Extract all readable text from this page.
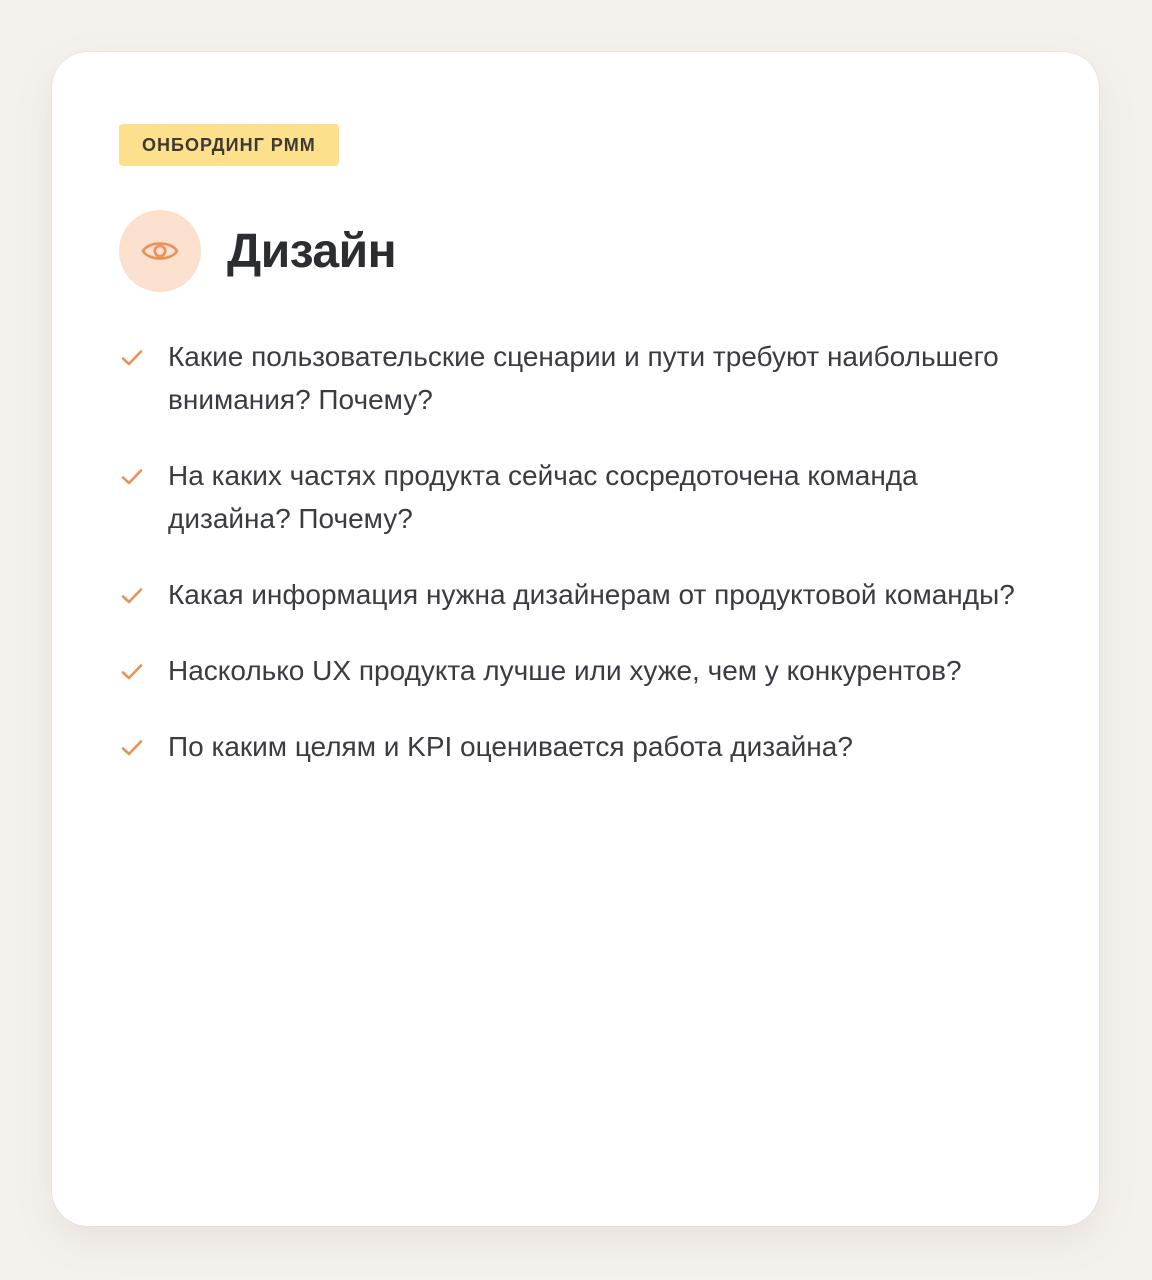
ОНБОРДИНГ PMM
Дизайн
Какие пользовательские сценарии и пути требуют наибольшего внимания? Почему?
На каких частях продукта сейчас сосредоточена команда дизайна? Почему?
Какая информация нужна дизайнерам от продуктовой команды?
Насколько UX продукта лучше или хуже, чем у конкурентов?
По каким целям и KPI оценивается работа дизайна?
